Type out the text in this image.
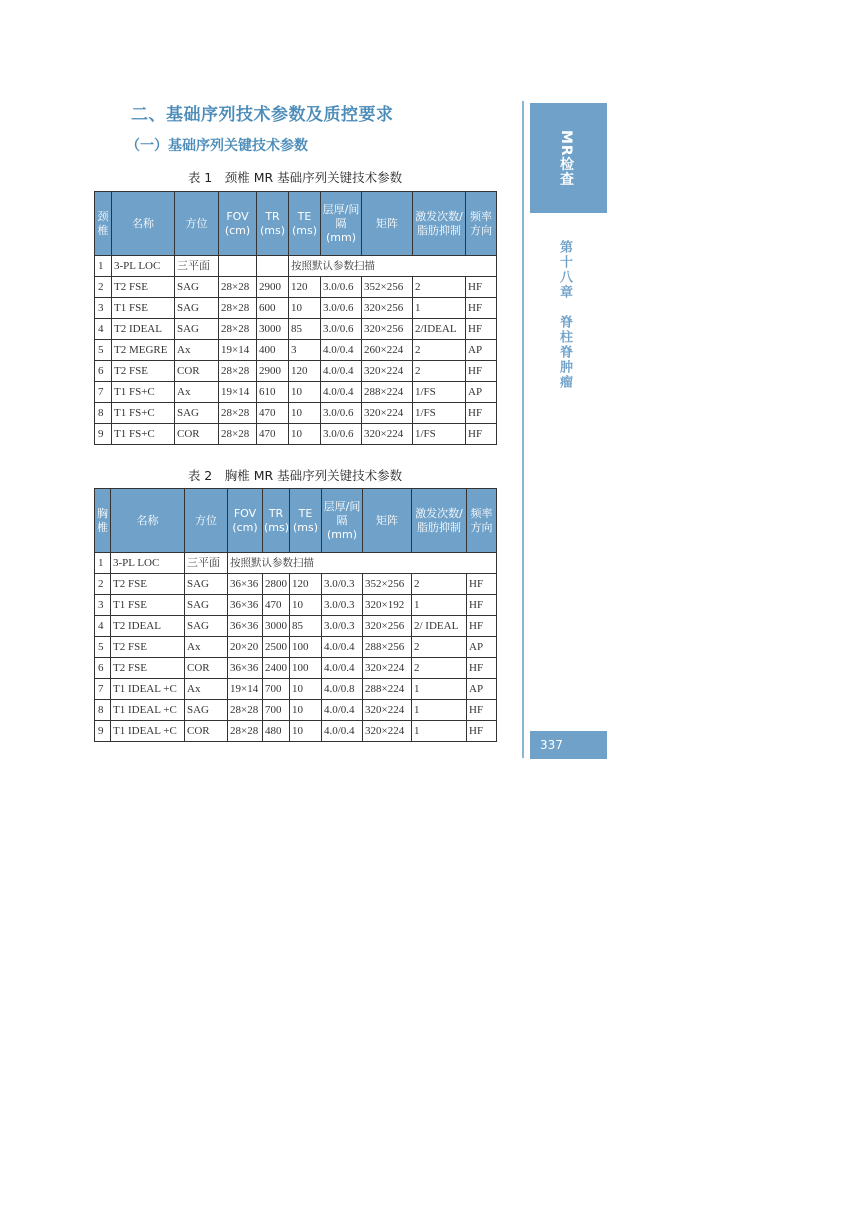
二、基础序列技术参数及质控要求
（一）基础序列关键技术参数
表 1　颈椎 MR 基础序列关键技术参数
颈椎	名称	方位	FOV (cm)	TR (ms)	TE (ms)	层厚/间隔 (mm)	矩阵	激发次数/脂肪抑制	频率方向
1	3-PL LOC	三平面			按照默认参数扫描				
2	T2 FSE	SAG	28×28	2900	120	3.0/0.6	352×256	2	HF
3	T1 FSE	SAG	28×28	600	10	3.0/0.6	320×256	1	HF
4	T2 IDEAL	SAG	28×28	3000	85	3.0/0.6	320×256	2/IDEAL	HF
5	T2 MEGRE	Ax	19×14	400	3	4.0/0.4	260×224	2	AP
6	T2 FSE	COR	28×28	2900	120	4.0/0.4	320×224	2	HF
7	T1 FS+C	Ax	19×14	610	10	4.0/0.4	288×224	1/FS	AP
8	T1 FS+C	SAG	28×28	470	10	3.0/0.6	320×224	1/FS	HF
9	T1 FS+C	COR	28×28	470	10	3.0/0.6	320×224	1/FS	HF
表 2　胸椎 MR 基础序列关键技术参数
胸椎	名称	方位	FOV (cm)	TR (ms)	TE (ms)	层厚/间隔 (mm)	矩阵	激发次数/脂肪抑制	频率方向
1	3-PL LOC	三平面	按照默认参数扫描						
2	T2 FSE	SAG	36×36	2800	120	3.0/0.3	352×256	2	HF
3	T1 FSE	SAG	36×36	470	10	3.0/0.3	320×192	1	HF
4	T2 IDEAL	SAG	36×36	3000	85	3.0/0.3	320×256	2/ IDEAL	HF
5	T2 FSE	Ax	20×20	2500	100	4.0/0.4	288×256	2	AP
6	T2 FSE	COR	36×36	2400	100	4.0/0.4	320×224	2	HF
7	T1 IDEAL +C	Ax	19×14	700	10	4.0/0.8	288×224	1	AP
8	T1 IDEAL +C	SAG	28×28	700	10	4.0/0.4	320×224	1	HF
9	T1 IDEAL +C	COR	28×28	480	10	4.0/0.4	320×224	1	HF
MR检查
第十八章　脊柱脊肿瘤
337
